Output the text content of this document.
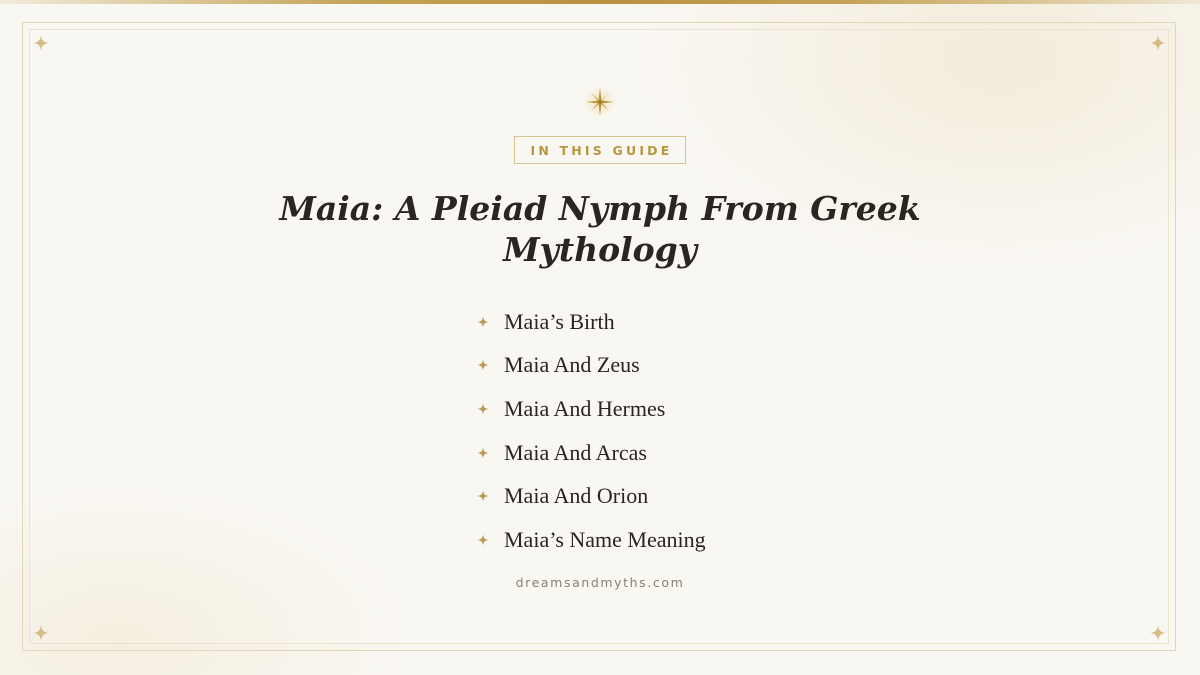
IN THIS GUIDE
Maia: A Pleiad Nymph From Greek Mythology
Maia’s Birth
Maia And Zeus
Maia And Hermes
Maia And Arcas
Maia And Orion
Maia’s Name Meaning
dreamsandmyths.com
